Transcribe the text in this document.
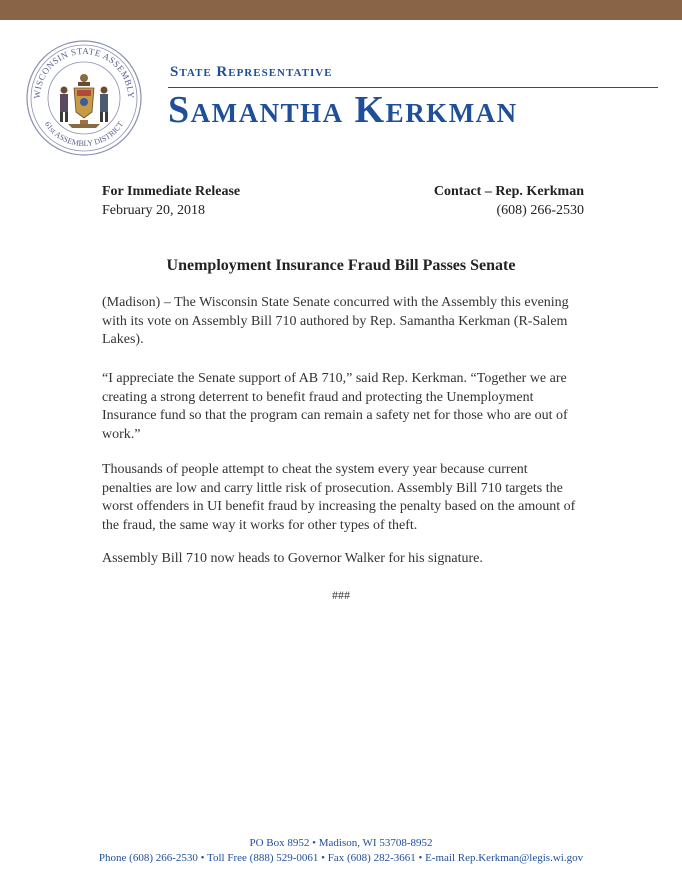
WISCONSIN STATE ASSEMBLY
61st ASSEMBLY DISTRICT
State Representative
Samantha Kerkman
For Immediate Release
February 20, 2018
Contact – Rep. Kerkman
(608) 266-2530
Unemployment Insurance Fraud Bill Passes Senate

(Madison) – The Wisconsin State Senate concurred with the Assembly this evening with its vote on Assembly Bill 710 authored by Rep. Samantha Kerkman (R-Salem Lakes).

“I appreciate the Senate support of AB 710,” said Rep. Kerkman. “Together we are creating a strong deterrent to benefit fraud and protecting the Unemployment Insurance fund so that the program can remain a safety net for those who are out of work.”

Thousands of people attempt to cheat the system every year because current penalties are low and carry little risk of prosecution. Assembly Bill 710 targets the worst offenders in UI benefit fraud by increasing the penalty based on the amount of the fraud, the same way it works for other types of theft.

Assembly Bill 710 now heads to Governor Walker for his signature.

###
PO Box 8952 • Madison, WI 53708-8952
Phone (608) 266-2530 • Toll Free (888) 529-0061 • Fax (608) 282-3661 • E-mail Rep.Kerkman@legis.wi.gov
